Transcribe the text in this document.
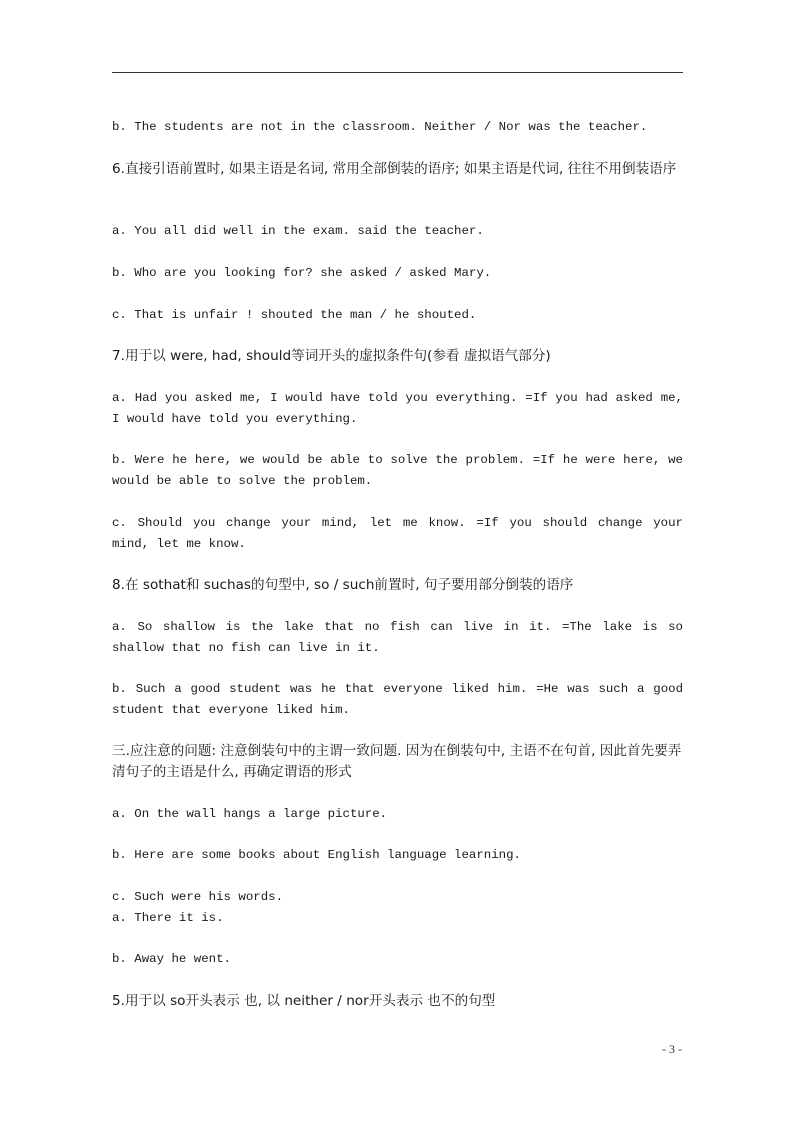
b. The students are not in the classroom. Neither / Nor was the teacher.

6.直接引语前置时, 如果主语是名词, 常用全部倒装的语序; 如果主语是代词, 往往不用倒装语序

a. You all did well in the exam. said the teacher.

b. Who are you looking for? she asked / asked Mary.

c. That is unfair ! shouted the man / he shouted.

7.用于以 were, had, should等词开头的虚拟条件句(参看 虚拟语气部分)

a. Had you asked me, I would have told you everything. =If you had asked me, I would have told you everything.

b. Were he here, we would be able to solve the problem. =If he were here, we would be able to solve the problem.

c. Should you change your mind, let me know. =If you should change your mind, let me know.

8.在 sothat和 suchas的句型中, so / such前置时, 句子要用部分倒装的语序

a. So shallow is the lake that no fish can live in it. =The lake is so shallow that no fish can live in it.

b. Such a good student was he that everyone liked him. =He was such a good student that everyone liked him.

三.应注意的问题: 注意倒装句中的主谓一致问题. 因为在倒装句中, 主语不在句首, 因此首先要弄清句子的主语是什么, 再确定谓语的形式

a. On the wall hangs a large picture.

b. Here are some books about English language learning.

c. Such were his words.

a. There it is.

b. Away he went.

5.用于以 so开头表示 也, 以 neither / nor开头表示 也不的句型

- 3 -
